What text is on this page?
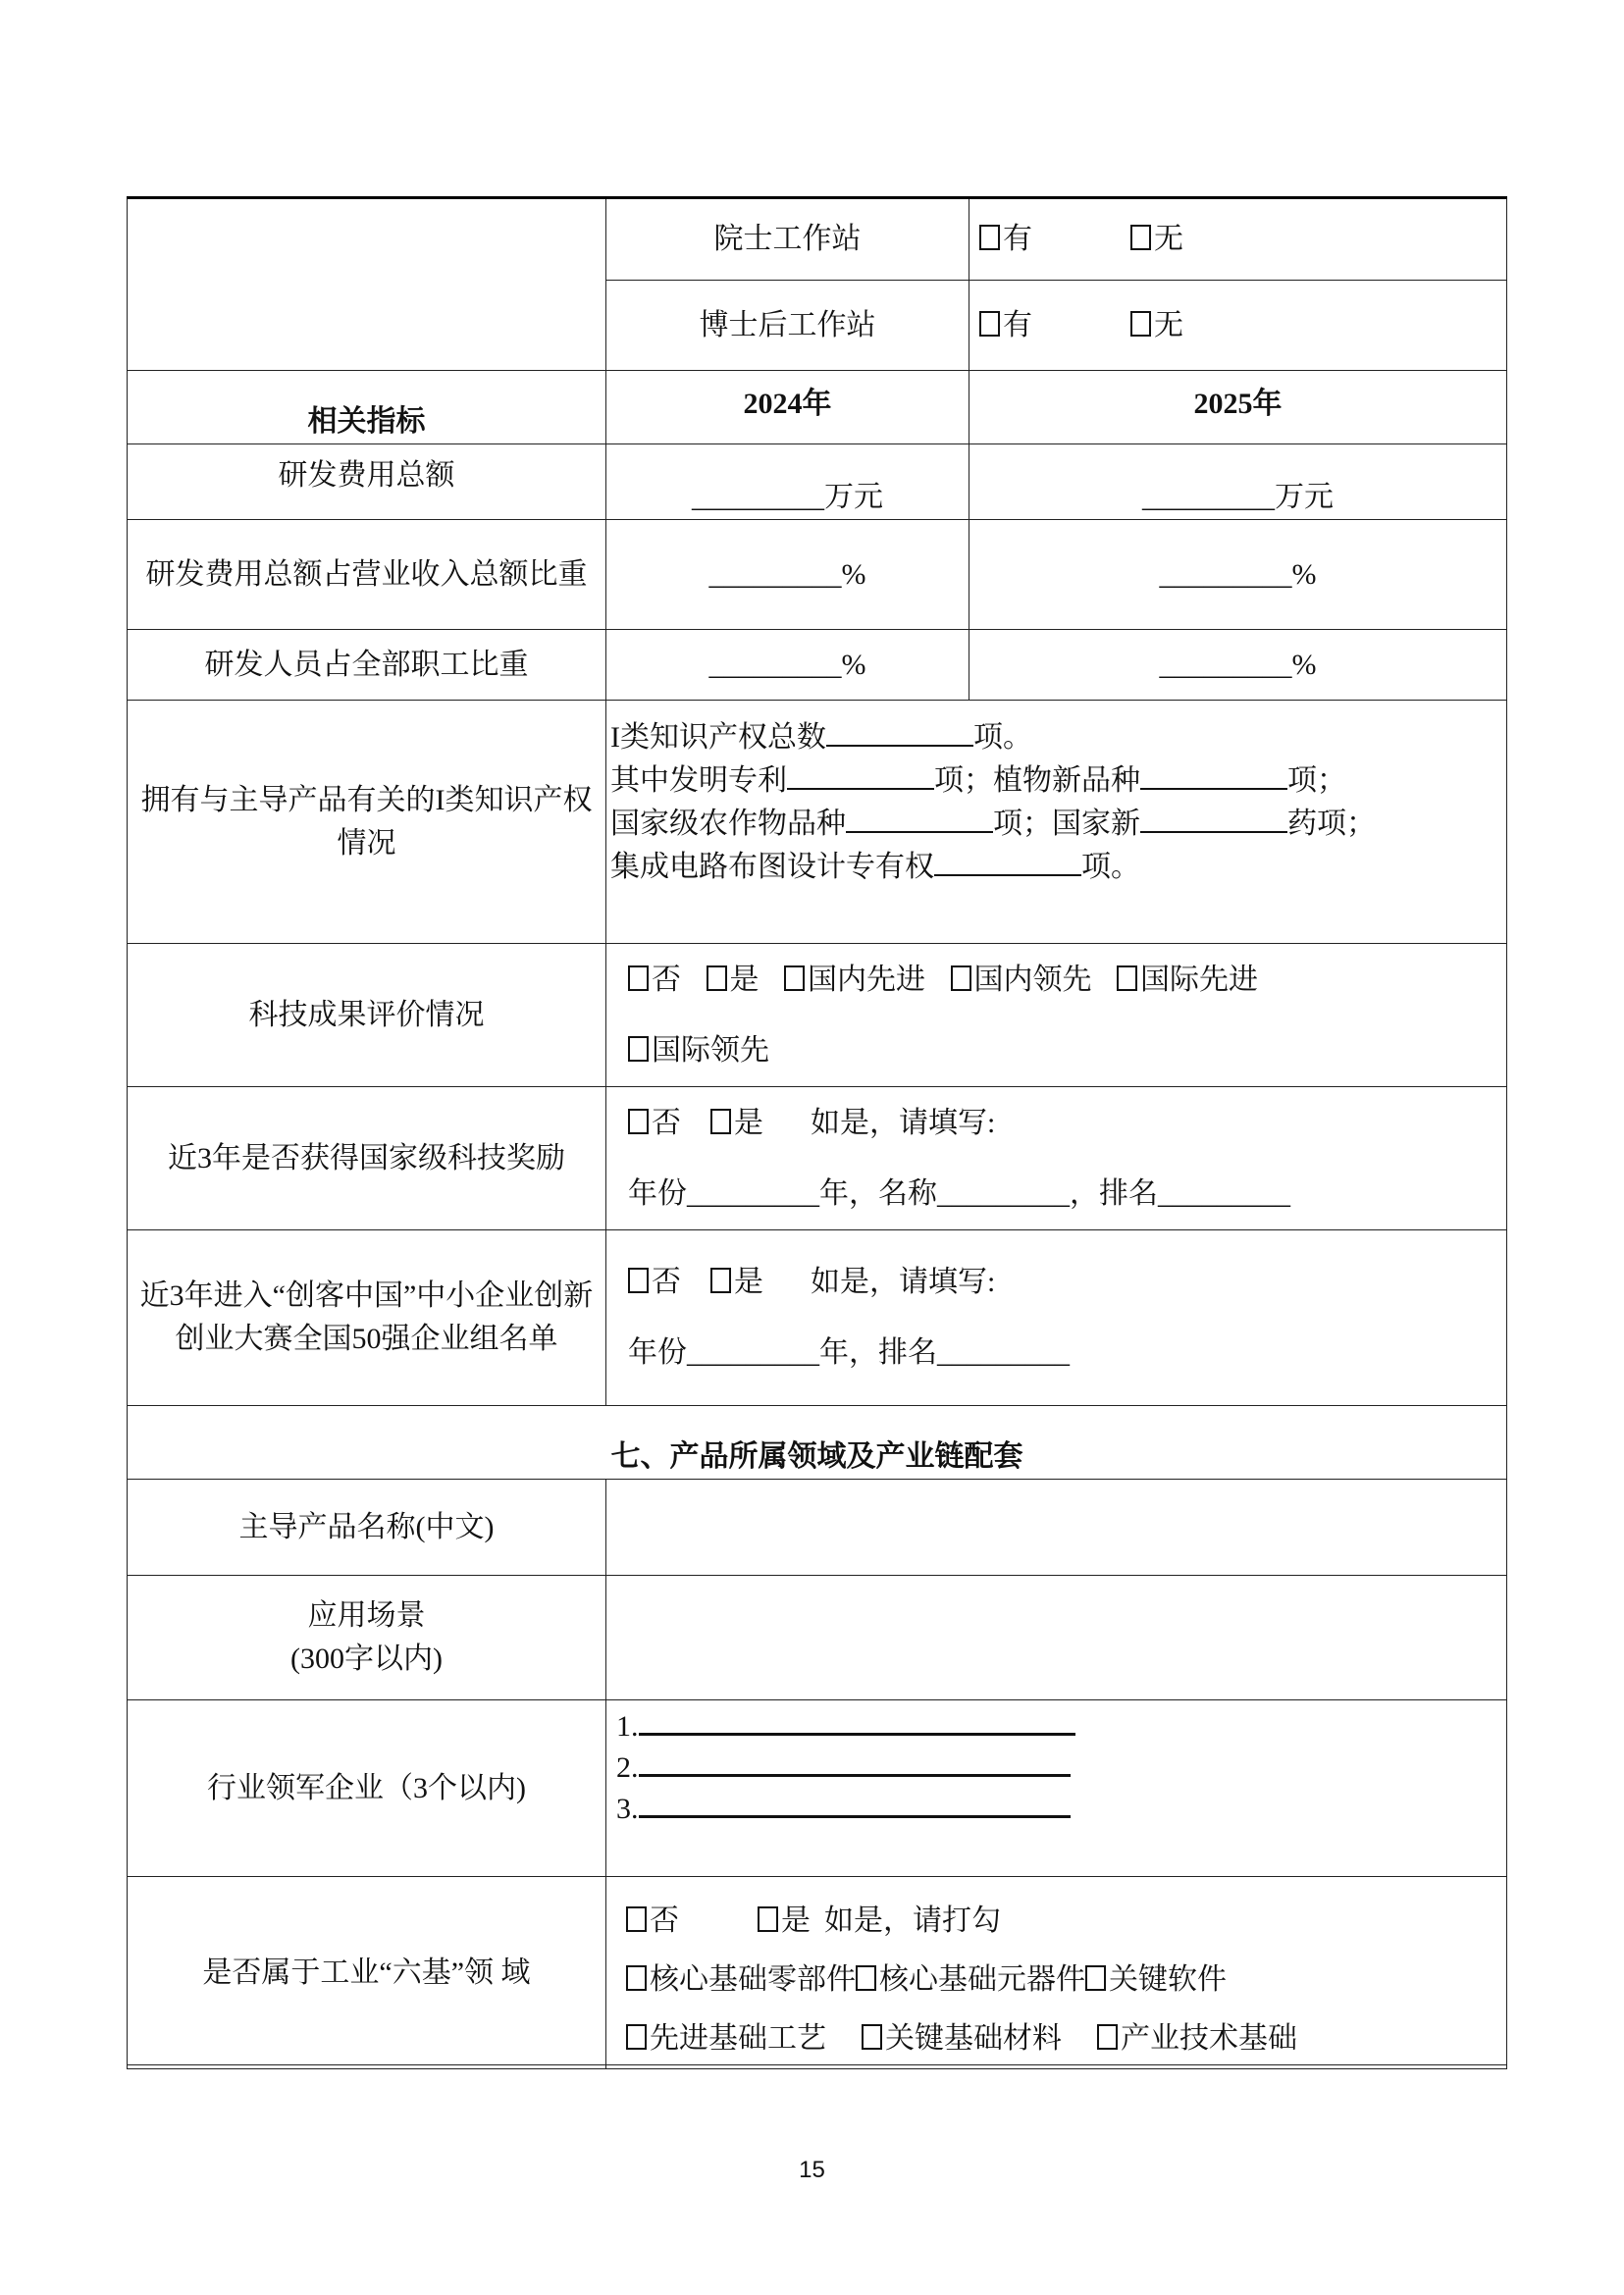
	院士工作站	有 无
	博士后工作站	有 无
相关指标	2024年	2025年
研发费用总额	_________万元	_________万元
研发费用总额占营业收入总额比重	_________%	_________%
研发人员占全部职工比重	_________%	_________%
拥有与主导产品有关的I类知识产权情况	I类知识产权总数 项。
其中发明专利 项；植物新品种 项；
国家级农作物品种 项；国家新 药项；
集成电路布图设计专有权 项。	

科技成果评价情况	否 是 国内先进 国内领先 国际先进
国际领先	

近3年是否获得国家级科技奖励	否 是 如是，请填写:
年份_________年，名称_________，排名_________	

近3年进入“创客中国”中小企业创新创业大赛全国50强企业组名单	否 是 如是，请填写:
年份_________年，排名_________	

七、产品所属领域及产业链配套		
主导产品名称(中文)		

应用场景
(300字以内)		

行业领军企业（3个以内)	1.
2.
3.	

是否属于工业“六基”领 域	否 是 如是，请打勾
核心基础零部件 核心基础元器件 关键软件
先进基础工艺 关键基础材料 产业技术基础	
15
